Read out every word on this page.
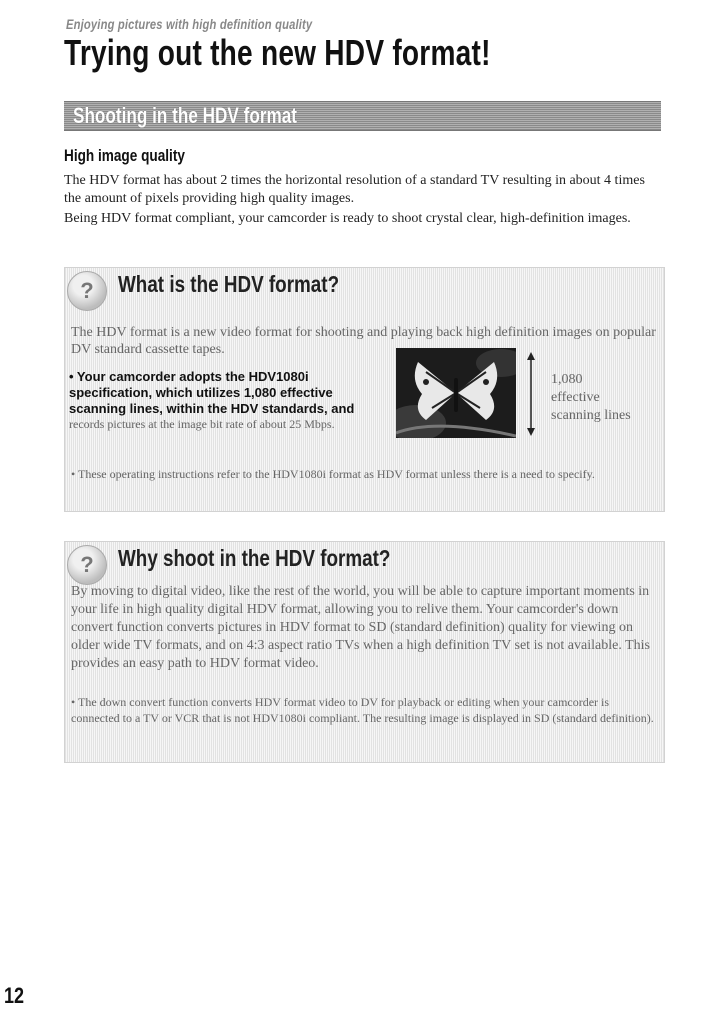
Enjoying pictures with high definition quality
Trying out the new HDV format!
Shooting in the HDV format
High image quality

The HDV format has about 2 times the horizontal resolution of a standard TV resulting in about 4 times the amount of pixels providing high quality images.

Being HDV format compliant, your camcorder is ready to shoot crystal clear, high-definition images.

?	What is the HDV format?

The HDV format is a new video format for shooting and playing back high definition images on popular DV standard cassette tapes.

• Your camcorder adopts the HDV1080i specification, which utilizes 1,080 effective scanning lines, within the HDV standards, and

records pictures at the image bit rate of about 25 Mbps.

1,080 effective scanning lines

• These operating instructions refer to the HDV1080i format as HDV format unless there is a need to specify.

?	Why shoot in the HDV format?

By moving to digital video, like the rest of the world, you will be able to capture important moments in your life in high quality digital HDV format, allowing you to relive them. Your camcorder's down convert function converts pictures in HDV format to SD (standard definition) quality for viewing on older wide TV formats, and on 4:3 aspect ratio TVs when a high definition TV set is not available. This provides an easy path to HDV format video.

• The down convert function converts HDV format video to DV for playback or editing when your camcorder is connected to a TV or VCR that is not HDV1080i compliant. The resulting image is displayed in SD (standard definition).

12
